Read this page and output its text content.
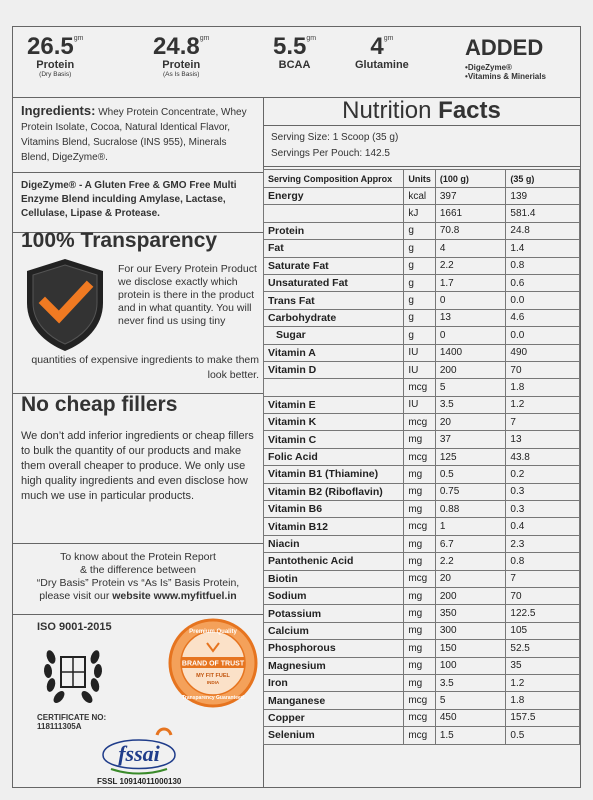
$26.5^{gm}$
Protein
(Dry Basis)
$24.8^{gm}$
Protein
(As Is Basis)
$5.5^{gm}$
BCAA
$4^{gm}$
Glutamine
ADDED
• DigeZyme®
• Vitamins & Minerials
Ingredients: Whey Protein Concentrate, Whey Protein Isolate, Cocoa, Natural Identical Flavor, Vitamins Blend, Sucralose (INS 955), Minerals Blend, DigeZyme®.
DigeZyme® - A Gluten Free & GMO Free Multi Enzyme Blend inculding Amylase, Lactase, Cellulase, Lipase & Protease.
100% Transparency
For our Every Protein Product we disclose exactly which protein is there in the product and in what quantity. You will never find us using tiny
quantities of expensive ingredients to make them look better.
No cheap fillers

We don’t add inferior ingredients or cheap fillers to bulk the quantity of our products and make them overall cheaper to produce. We only use high quality ingredients and even disclose how much we use in particular products.

To know about the Protein Report
& the difference between
“Dry Basis” Protein vs “As Is” Basis Protein,
please visit our website www.myfitfuel.in
ISO 9001-2015
CERTIFICATE NO:
118111305A
BRAND OF TRUST
Premium Quality
MY FIT FUEL
INDIA
Transparency Guaranteed
fssai
FSSL 10914011000130
Nutrition Facts
Serving Size: 1 Scoop (35 g)
Servings Per Pouch: 142.5
Serving Composition Approx	Units	(100 g)	(35 g)
Energy	kcal	397	139
	kJ	1661	581.4
Protein	g	70.8	24.8
Fat	g	4	1.4
Saturate Fat	g	2.2	0.8
Unsaturated Fat	g	1.7	0.6
Trans Fat	g	0	0.0
Carbohydrate	g	13	4.6
Sugar	g	0	0.0
Vitamin A	IU	1400	490
Vitamin D	IU	200	70
	mcg	5	1.8
Vitamin E	IU	3.5	1.2
Vitamin K	mcg	20	7
Vitamin C	mg	37	13
Folic Acid	mcg	125	43.8
Vitamin B1 (Thiamine)	mg	0.5	0.2
Vitamin B2 (Riboflavin)	mg	0.75	0.3
Vitamin B6	mg	0.88	0.3
Vitamin B12	mcg	1	0.4
Niacin	mg	6.7	2.3
Pantothenic Acid	mg	2.2	0.8
Biotin	mcg	20	7
Sodium	mg	200	70
Potassium	mg	350	122.5
Calcium	mg	300	105
Phosphorous	mg	150	52.5
Magnesium	mg	100	35
Iron	mg	3.5	1.2
Manganese	mcg	5	1.8
Copper	mcg	450	157.5
Selenium	mcg	1.5	0.5
